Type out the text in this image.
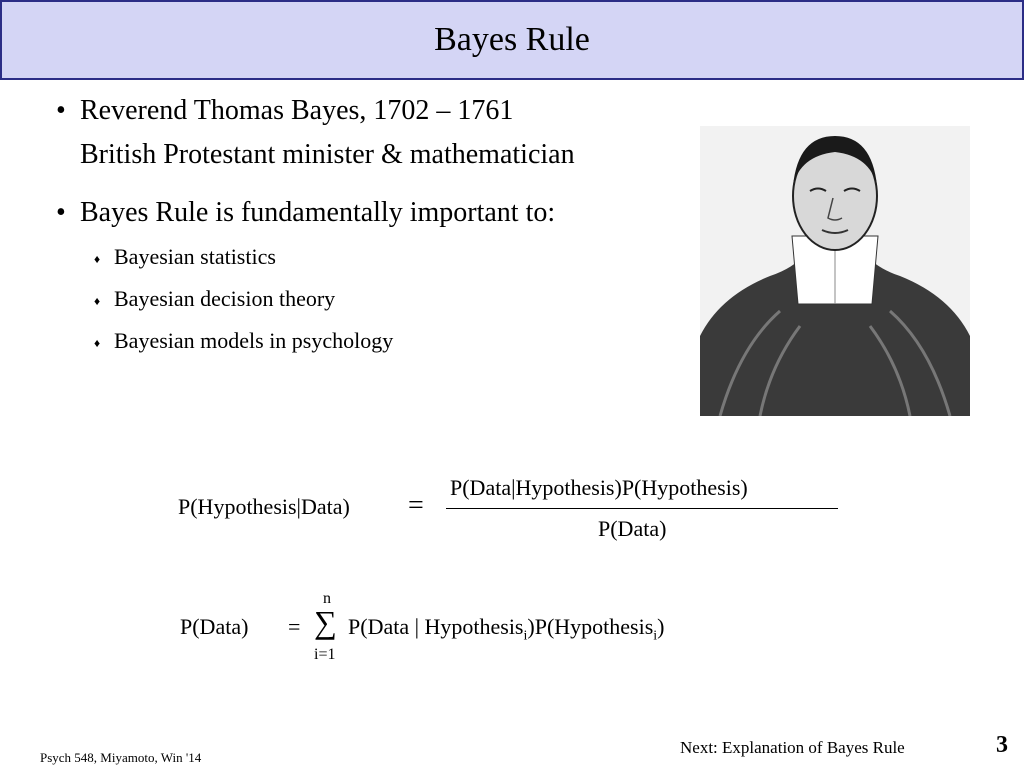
Bayes Rule
• Reverend Thomas Bayes, 1702 – 1761
British Protestant minister & mathematician
• Bayes Rule is fundamentally important to:
♦ Bayesian statistics
♦ Bayesian decision theory
♦ Bayesian models in psychology
P(Hypothesis|Data) =
P(Data|Hypothesis)P(Hypothesis)
P(Data)
P(Data) =
n
∑
i=1
P(Data | Hypothesis$_i$)P(Hypothesis$_i$)
Psych 548, Miyamoto, Win '14
Next: Explanation of Bayes Rule	3
